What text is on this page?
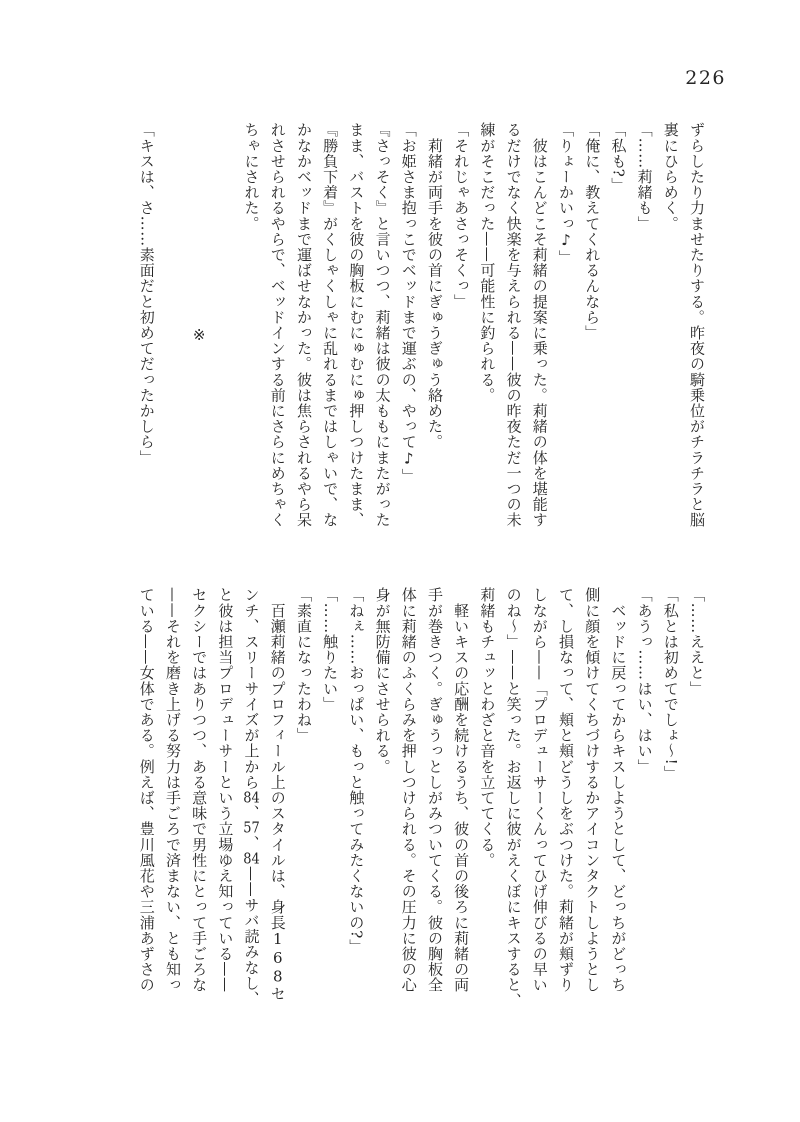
226

ずらしたり力ませたりする。昨夜の騎乗位がチラチラと脳

裏にひらめく。

「……莉緒も」

「私も?」

「俺に、教えてくれるんなら」

「りょーかいっ♪」

　彼はこんどこそ莉緒の提案に乗った。莉緒の体を堪能す

るだけでなく快楽を与えられる——彼の昨夜ただ一つの未

練がそこだった——可能性に釣られる。

「それじゃあさっそくっ」

　莉緒が両手を彼の首にぎゅうぎゅう絡めた。

「お姫さま抱っこでベッドまで運ぶの、やって♪」

『さっそく』と言いつつ、莉緒は彼の太ももにまたがった

まま、バストを彼の胸板にむにゅむにゅ押しつけたまま、

『勝負下着』がくしゃくしゃに乱れるまではしゃいで、な

かなかベッドまで運ばせなかった。彼は焦らされるやら呆

れさせられるやらで、ベッドインする前にさらにめちゃく

ちゃにされた。

※

「キスは、さ……素面だと初めてだったかしら」

「……ええと」

「私とは初めてでしょ〜!」

「あうっ……はい、はい」

　ベッドに戻ってからキスしようとして、どっちがどっち

側に顔を傾けてくちづけするかアイコンタクトしようとし

て、し損なって、頬と頬どうしをぶつけた。莉緒が頬ずり

しながら——「プロデューサーくんってひげ伸びるの早い

のね〜」——と笑った。お返しに彼がえくぼにキスすると、

莉緒もチュッとわざと音を立ててくる。

　軽いキスの応酬を続けるうち、彼の首の後ろに莉緒の両

手が巻きつく。ぎゅうっとしがみついてくる。彼の胸板全

体に莉緒のふくらみを押しつけられる。その圧力に彼の心

身が無防備にさせられる。

「ねぇ……おっぱい、もっと触ってみたくないの?」

「……触りたい」

「素直になったわね」

　百瀬莉緒のプロフィール上のスタイルは、身長168セ

ンチ、スリーサイズが上から84、57、84——サバ読みなし、

と彼は担当プロデューサーという立場ゆえ知っている——

セクシーではありつつ、ある意味で男性にとって手ごろな

——それを磨き上げる努力は手ごろで済まない、とも知っ

ている——女体である。例えば、豊川風花や三浦あずさの
